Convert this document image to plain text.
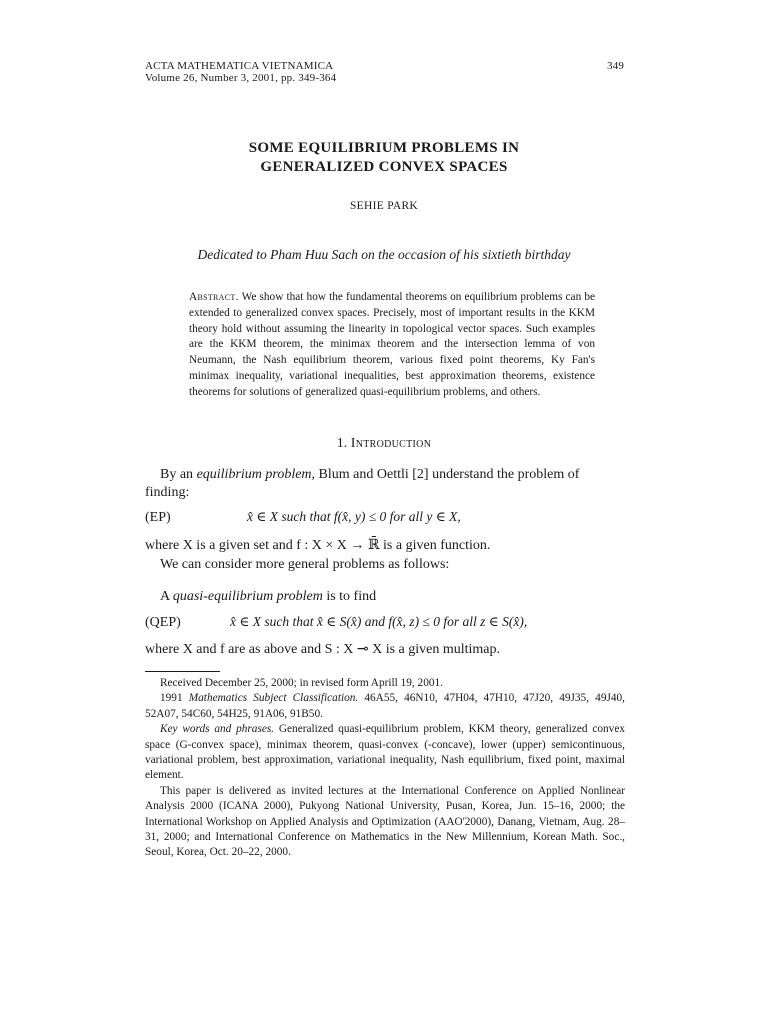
ACTA MATHEMATICA VIETNAMICA
Volume 26, Number 3, 2001, pp. 349-364
349
SOME EQUILIBRIUM PROBLEMS IN
GENERALIZED CONVEX SPACES
SEHIE PARK
Dedicated to Pham Huu Sach on the occasion of his sixtieth birthday
Abstract. We show that how the fundamental theorems on equilibrium problems can be extended to generalized convex spaces. Precisely, most of important results in the KKM theory hold without assuming the linearity in topological vector spaces. Such examples are the KKM theorem, the minimax theorem and the intersection lemma of von Neumann, the Nash equilibrium theorem, various fixed point theorems, Ky Fan's minimax inequality, variational inequalities, best approximation theorems, existence theorems for solutions of generalized quasi-equilibrium problems, and others.
1. Introduction
By an equilibrium problem, Blum and Oettli [2] understand the problem of
finding:
(EP)	x̂ ∈ X such that f(x̂, y) ≤ 0 for all y ∈ X,
where X is a given set and f : X × X → ℝ̄ is a given function.
We can consider more general problems as follows:
A quasi-equilibrium problem is to find
(QEP)	x̂ ∈ X such that x̂ ∈ S(x̂) and f(x̂, z) ≤ 0 for all z ∈ S(x̂),
where X and f are as above and S : X ⊸ X is a given multimap.

Received December 25, 2000; in revised form Aprill 19, 2001.

1991 Mathematics Subject Classification. 46A55, 46N10, 47H04, 47H10, 47J20, 49J35, 49J40, 52A07, 54C60, 54H25, 91A06, 91B50.

Key words and phrases. Generalized quasi-equilibrium problem, KKM theory, generalized convex space (G-convex space), minimax theorem, quasi-convex (-concave), lower (upper) semicontinuous, variational problem, best approximation, variational inequality, Nash equilibrium, fixed point, maximal element.

This paper is delivered as invited lectures at the International Conference on Applied Nonlinear Analysis 2000 (ICANA 2000), Pukyong National University, Pusan, Korea, Jun. 15–16, 2000; the International Workshop on Applied Analysis and Optimization (AAO'2000), Danang, Vietnam, Aug. 28–31, 2000; and International Conference on Mathematics in the New Millennium, Korean Math. Soc., Seoul, Korea, Oct. 20–22, 2000.
